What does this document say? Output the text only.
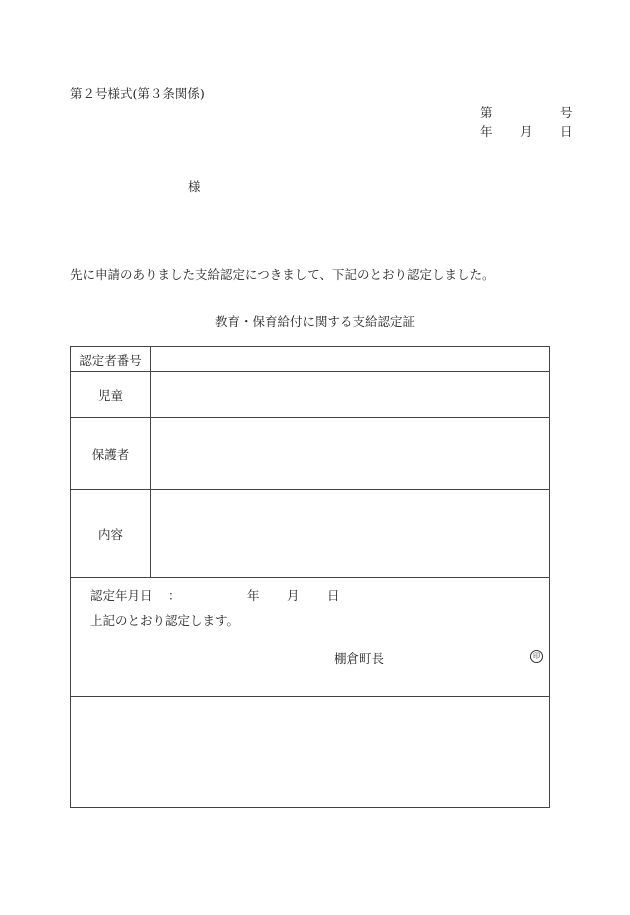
第２号様式(第３条関係)
第	号
年 月 日
様
先に申請のありました支給認定につきまして、下記のとおり認定しました。
教育・保育給付に関する支給認定証
認定者番号
児童
保護者
内容
認定年月日 ：	年 月 日
上記のとおり認定します。
棚倉町長	印
